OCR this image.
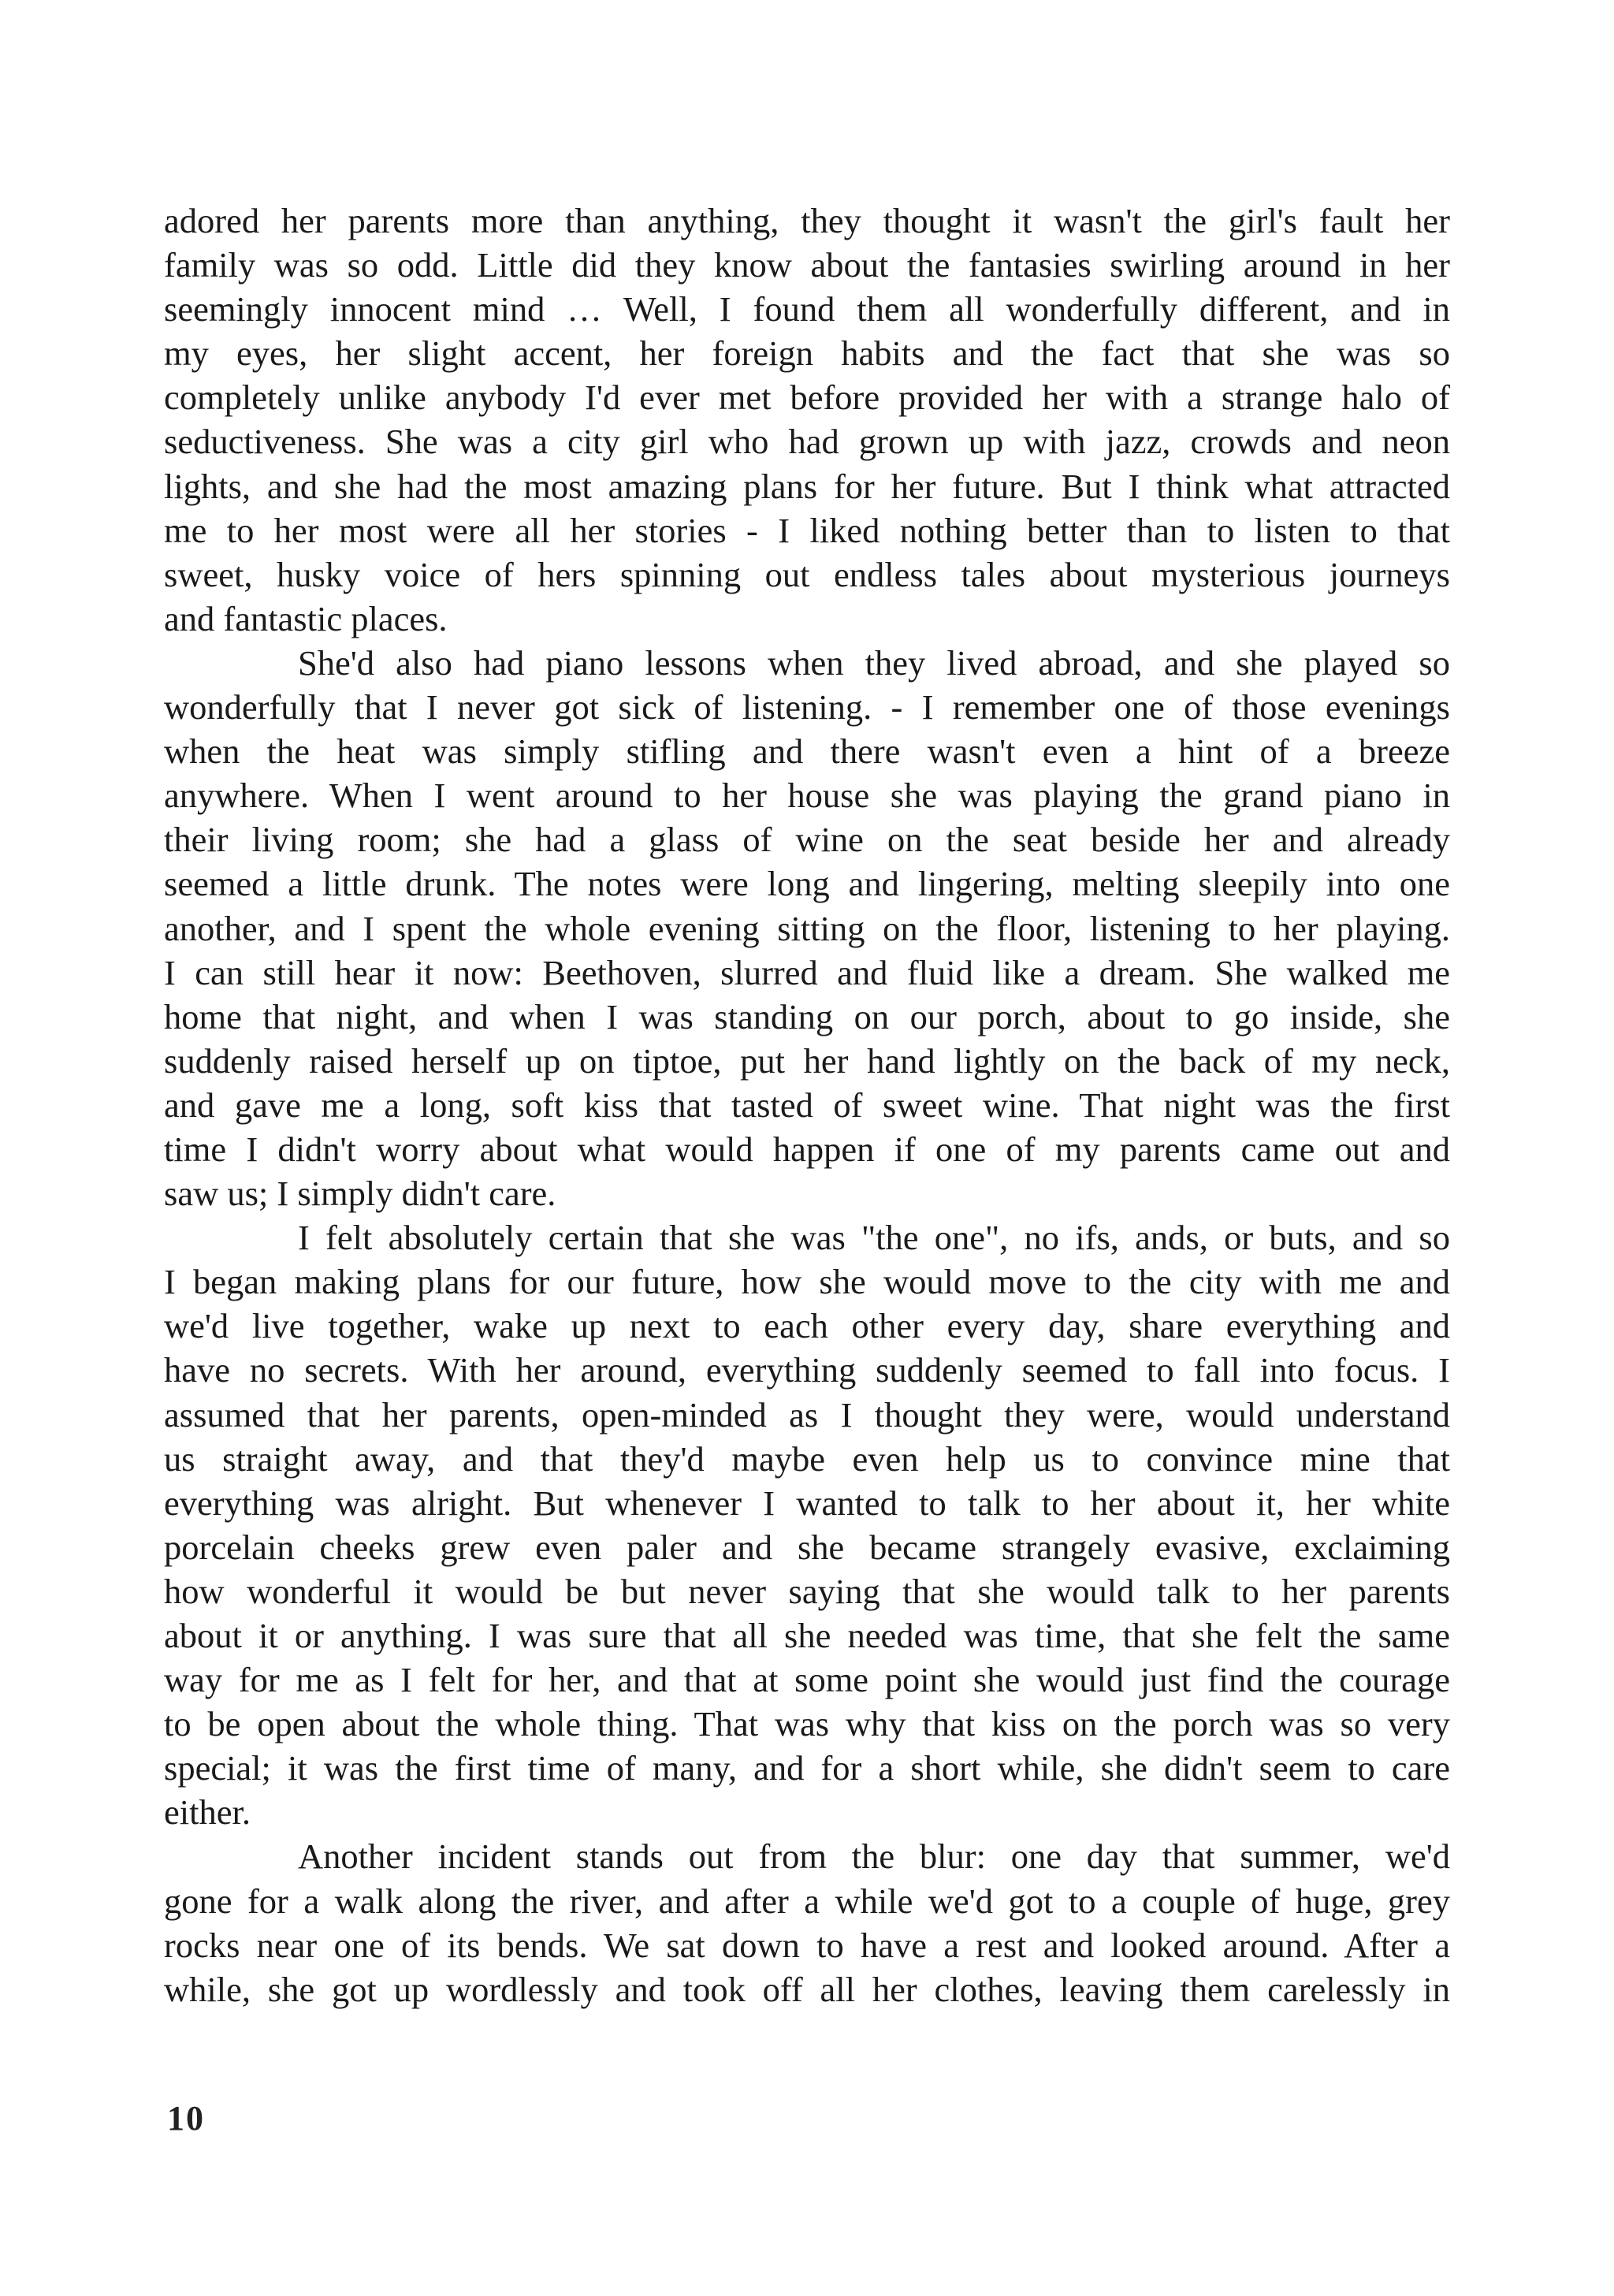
adored her parents more than anything, they thought it wasn't the girl's fault her
family was so odd. Little did they know about the fantasies swirling around in her
seemingly innocent mind … Well, I found them all wonderfully different, and in
my eyes, her slight accent, her foreign habits and the fact that she was so
completely unlike anybody I'd ever met before provided her with a strange halo of
seductiveness. She was a city girl who had grown up with jazz, crowds and neon
lights, and she had the most amazing plans for her future. But I think what attracted
me to her most were all her stories - I liked nothing better than to listen to that
sweet, husky voice of hers spinning out endless tales about mysterious journeys
and fantastic places.
She'd also had piano lessons when they lived abroad, and she played so
wonderfully that I never got sick of listening. - I remember one of those evenings
when the heat was simply stifling and there wasn't even a hint of a breeze
anywhere. When I went around to her house she was playing the grand piano in
their living room; she had a glass of wine on the seat beside her and already
seemed a little drunk. The notes were long and lingering, melting sleepily into one
another, and I spent the whole evening sitting on the floor, listening to her playing.
I can still hear it now: Beethoven, slurred and fluid like a dream. She walked me
home that night, and when I was standing on our porch, about to go inside, she
suddenly raised herself up on tiptoe, put her hand lightly on the back of my neck,
and gave me a long, soft kiss that tasted of sweet wine. That night was the first
time I didn't worry about what would happen if one of my parents came out and
saw us; I simply didn't care.
I felt absolutely certain that she was "the one", no ifs, ands, or buts, and so
I began making plans for our future, how she would move to the city with me and
we'd live together, wake up next to each other every day, share everything and
have no secrets. With her around, everything suddenly seemed to fall into focus. I
assumed that her parents, open-minded as I thought they were, would understand
us straight away, and that they'd maybe even help us to convince mine that
everything was alright. But whenever I wanted to talk to her about it, her white
porcelain cheeks grew even paler and she became strangely evasive, exclaiming
how wonderful it would be but never saying that she would talk to her parents
about it or anything. I was sure that all she needed was time, that she felt the same
way for me as I felt for her, and that at some point she would just find the courage
to be open about the whole thing. That was why that kiss on the porch was so very
special; it was the first time of many, and for a short while, she didn't seem to care
either.
Another incident stands out from the blur: one day that summer, we'd
gone for a walk along the river, and after a while we'd got to a couple of huge, grey
rocks near one of its bends. We sat down to have a rest and looked around. After a
while, she got up wordlessly and took off all her clothes, leaving them carelessly in
10
